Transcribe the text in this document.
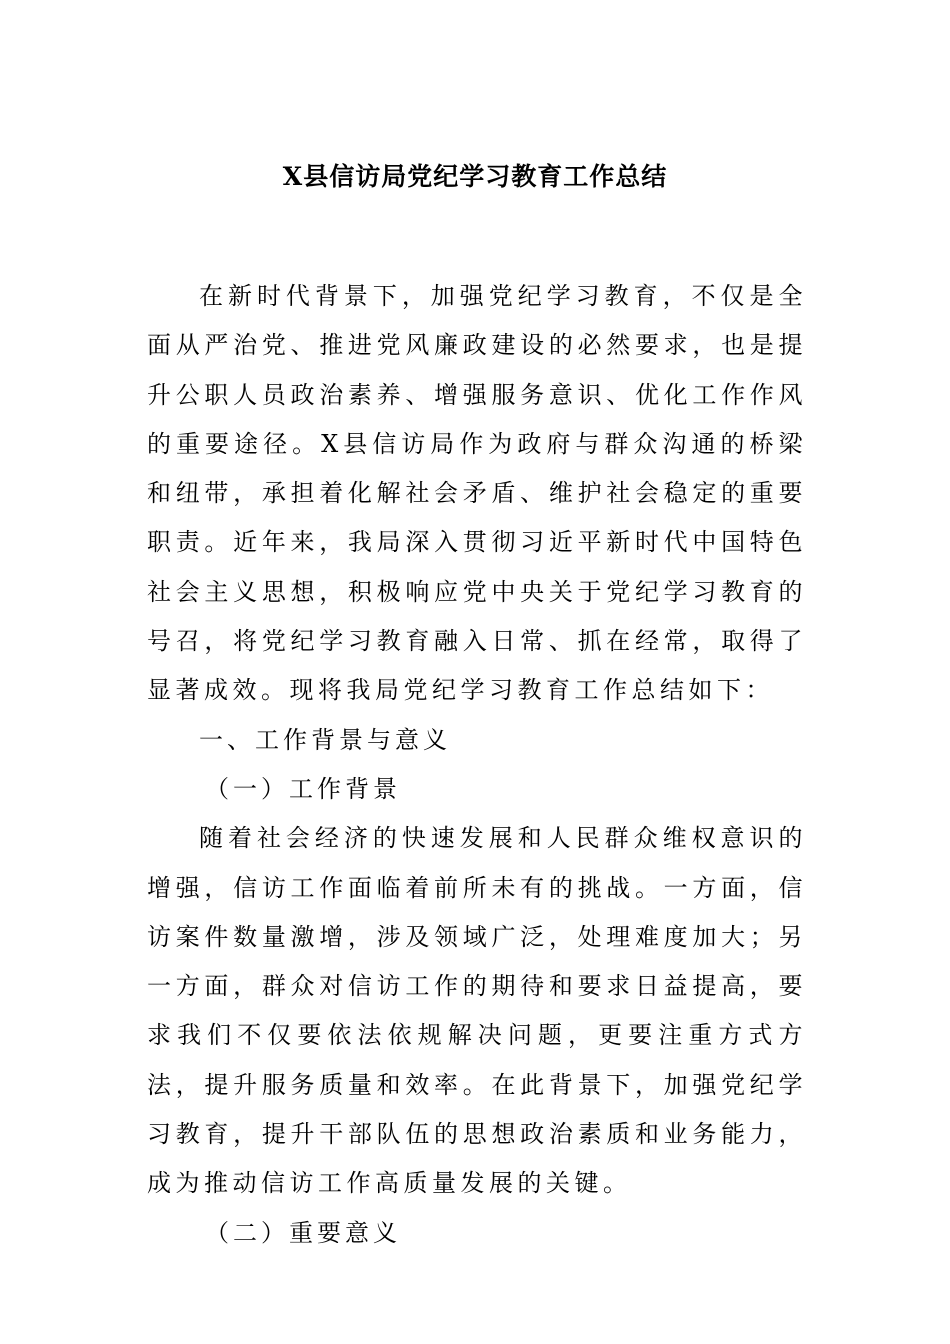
X县信访局党纪学习教育工作总结

在新时代背景下，加强党纪学习教育，不仅是全面从严治党、推进党风廉政建设的必然要求，也是提升公职人员政治素养、增强服务意识、优化工作作风的重要途径。X县信访局作为政府与群众沟通的桥梁和纽带，承担着化解社会矛盾、维护社会稳定的重要职责。近年来，我局深入贯彻习近平新时代中国特色社会主义思想，积极响应党中央关于党纪学习教育的号召，将党纪学习教育融入日常、抓在经常，取得了显著成效。现将我局党纪学习教育工作总结如下：

一、工作背景与意义

（一）工作背景

随着社会经济的快速发展和人民群众维权意识的增强，信访工作面临着前所未有的挑战。一方面，信访案件数量激增，涉及领域广泛，处理难度加大；另一方面，群众对信访工作的期待和要求日益提高，要求我们不仅要依法依规解决问题，更要注重方式方法，提升服务质量和效率。在此背景下，加强党纪学习教育，提升干部队伍的思想政治素质和业务能力，成为推动信访工作高质量发展的关键。

（二）重要意义
